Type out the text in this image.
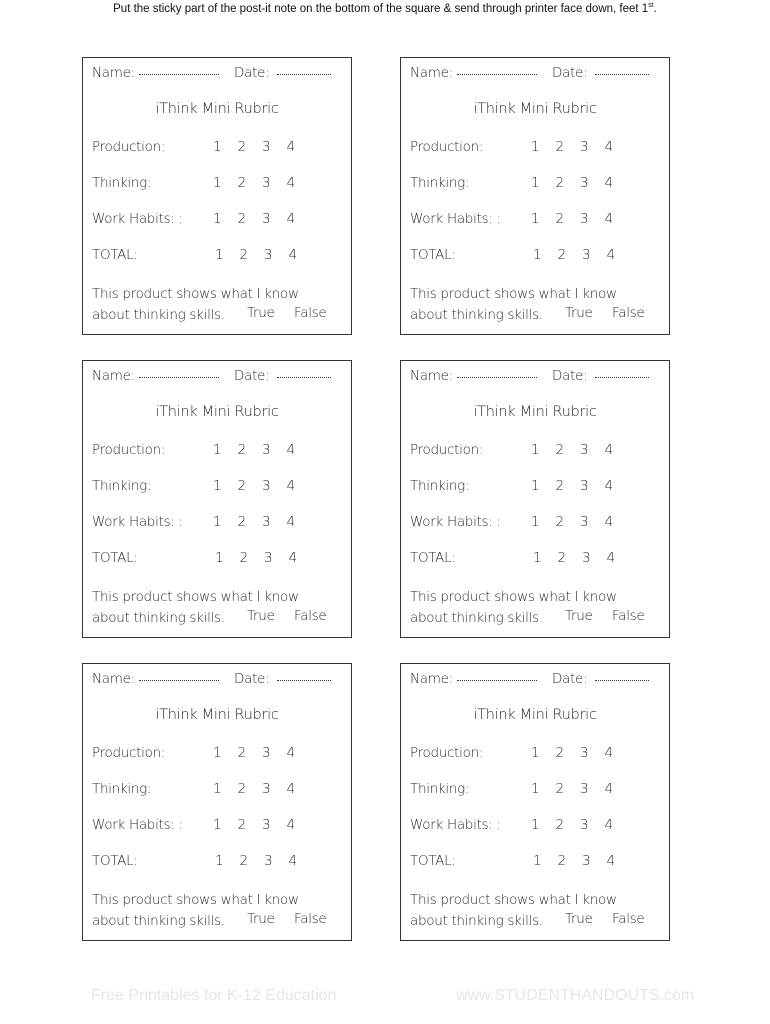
Put the sticky part of the post-it note on the bottom of the square & send through printer face down, feet 1st.
Name:	Date:
iThink Mini Rubric
Production:	1 2 3 4
Thinking:	1 2 3 4
Work Habits: : 1 2 3 4
TOTAL:	1 2 3 4
This product shows what I know
about thinking skills.	True False
Name:	Date:
iThink Mini Rubric
Production:	1 2 3 4
Thinking:	1 2 3 4
Work Habits: : 1 2 3 4
TOTAL:	1 2 3 4
This product shows what I know
about thinking skills.	True False
Name:	Date:
iThink Mini Rubric
Production:	1 2 3 4
Thinking:	1 2 3 4
Work Habits: : 1 2 3 4
TOTAL:	1 2 3 4
This product shows what I know
about thinking skills.	True False
Name:	Date:
iThink Mini Rubric
Production:	1 2 3 4
Thinking:	1 2 3 4
Work Habits: : 1 2 3 4
TOTAL:	1 2 3 4
This product shows what I know
about thinking skills.	True False
Name:	Date:
iThink Mini Rubric
Production:	1 2 3 4
Thinking:	1 2 3 4
Work Habits: : 1 2 3 4
TOTAL:	1 2 3 4
This product shows what I know
about thinking skills.	True False
Name:	Date:
iThink Mini Rubric
Production:	1 2 3 4
Thinking:	1 2 3 4
Work Habits: : 1 2 3 4
TOTAL:	1 2 3 4
This product shows what I know
about thinking skills.	True False
Free Printables for K-12 Education	www.STUDENTHANDOUTS.com
